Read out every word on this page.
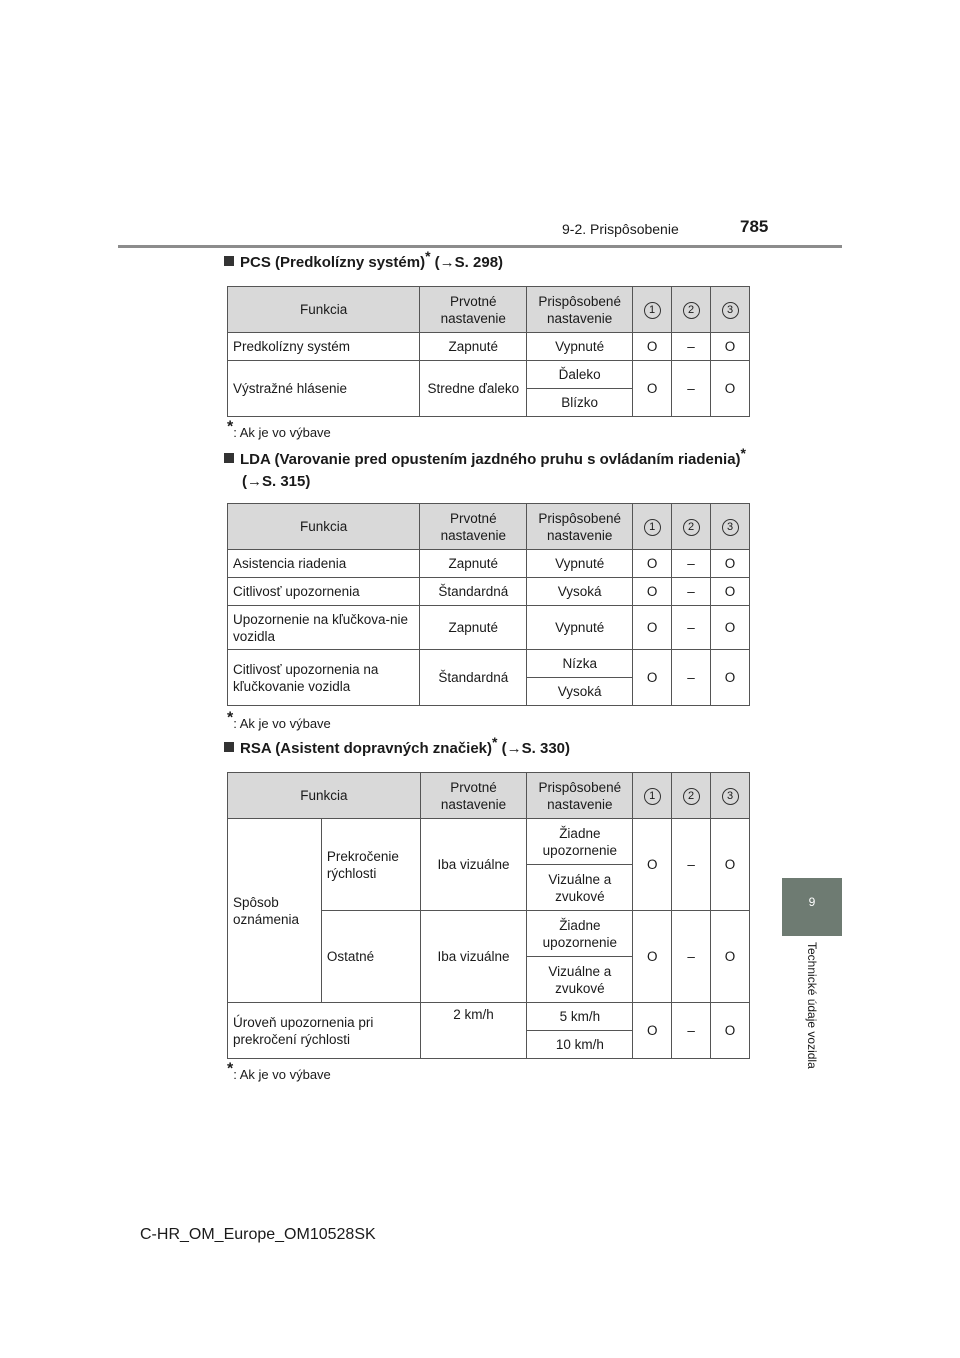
9-2. Prispôsobenie	785
9
Technické údaje vozidla
PCS (Predkolízny systém)* (→S. 298)
Funkcia	Prvotné nastavenie	Prispôsobené nastavenie	1	2	3
Predkolízny systém	Zapnuté	Vypnuté	O	–	O
Výstražné hlásenie	Stredne ďaleko	Ďaleko	O	–	O
		Blízko			
*: Ak je vo výbave
LDA (Varovanie pred opustením jazdného pruhu s ovládaním riadenia)* (→S. 315)
Funkcia	Prvotné nastavenie	Prispôsobené nastavenie	1	2	3
Asistencia riadenia	Zapnuté	Vypnuté	O	–	O
Citlivosť upozornenia	Štandardná	Vysoká	O	–	O
Upozornenie na kľučkova-nie vozidla	Zapnuté	Vypnuté	O	–	O
Citlivosť upozornenia na kľučkovanie vozidla	Štandardná	Nízka	O	–	O
		Vysoká			
*: Ak je vo výbave
RSA (Asistent dopravných značiek)* (→S. 330)
Funkcia		Prvotné nastavenie	Prispôsobené nastavenie	1	2	3
Spôsob oznámenia	Prekročenie rýchlosti	Iba vizuálne	Žiadne upozornenie	O	–	O
			Vizuálne a zvukové			
	Ostatné	Iba vizuálne	Žiadne upozornenie	O	–	O
			Vizuálne a zvukové			
Úroveň upozornenia pri prekročení rýchlosti		2 km/h	5 km/h	O	–	O
			10 km/h			
*: Ak je vo výbave
C-HR_OM_Europe_OM10528SK
